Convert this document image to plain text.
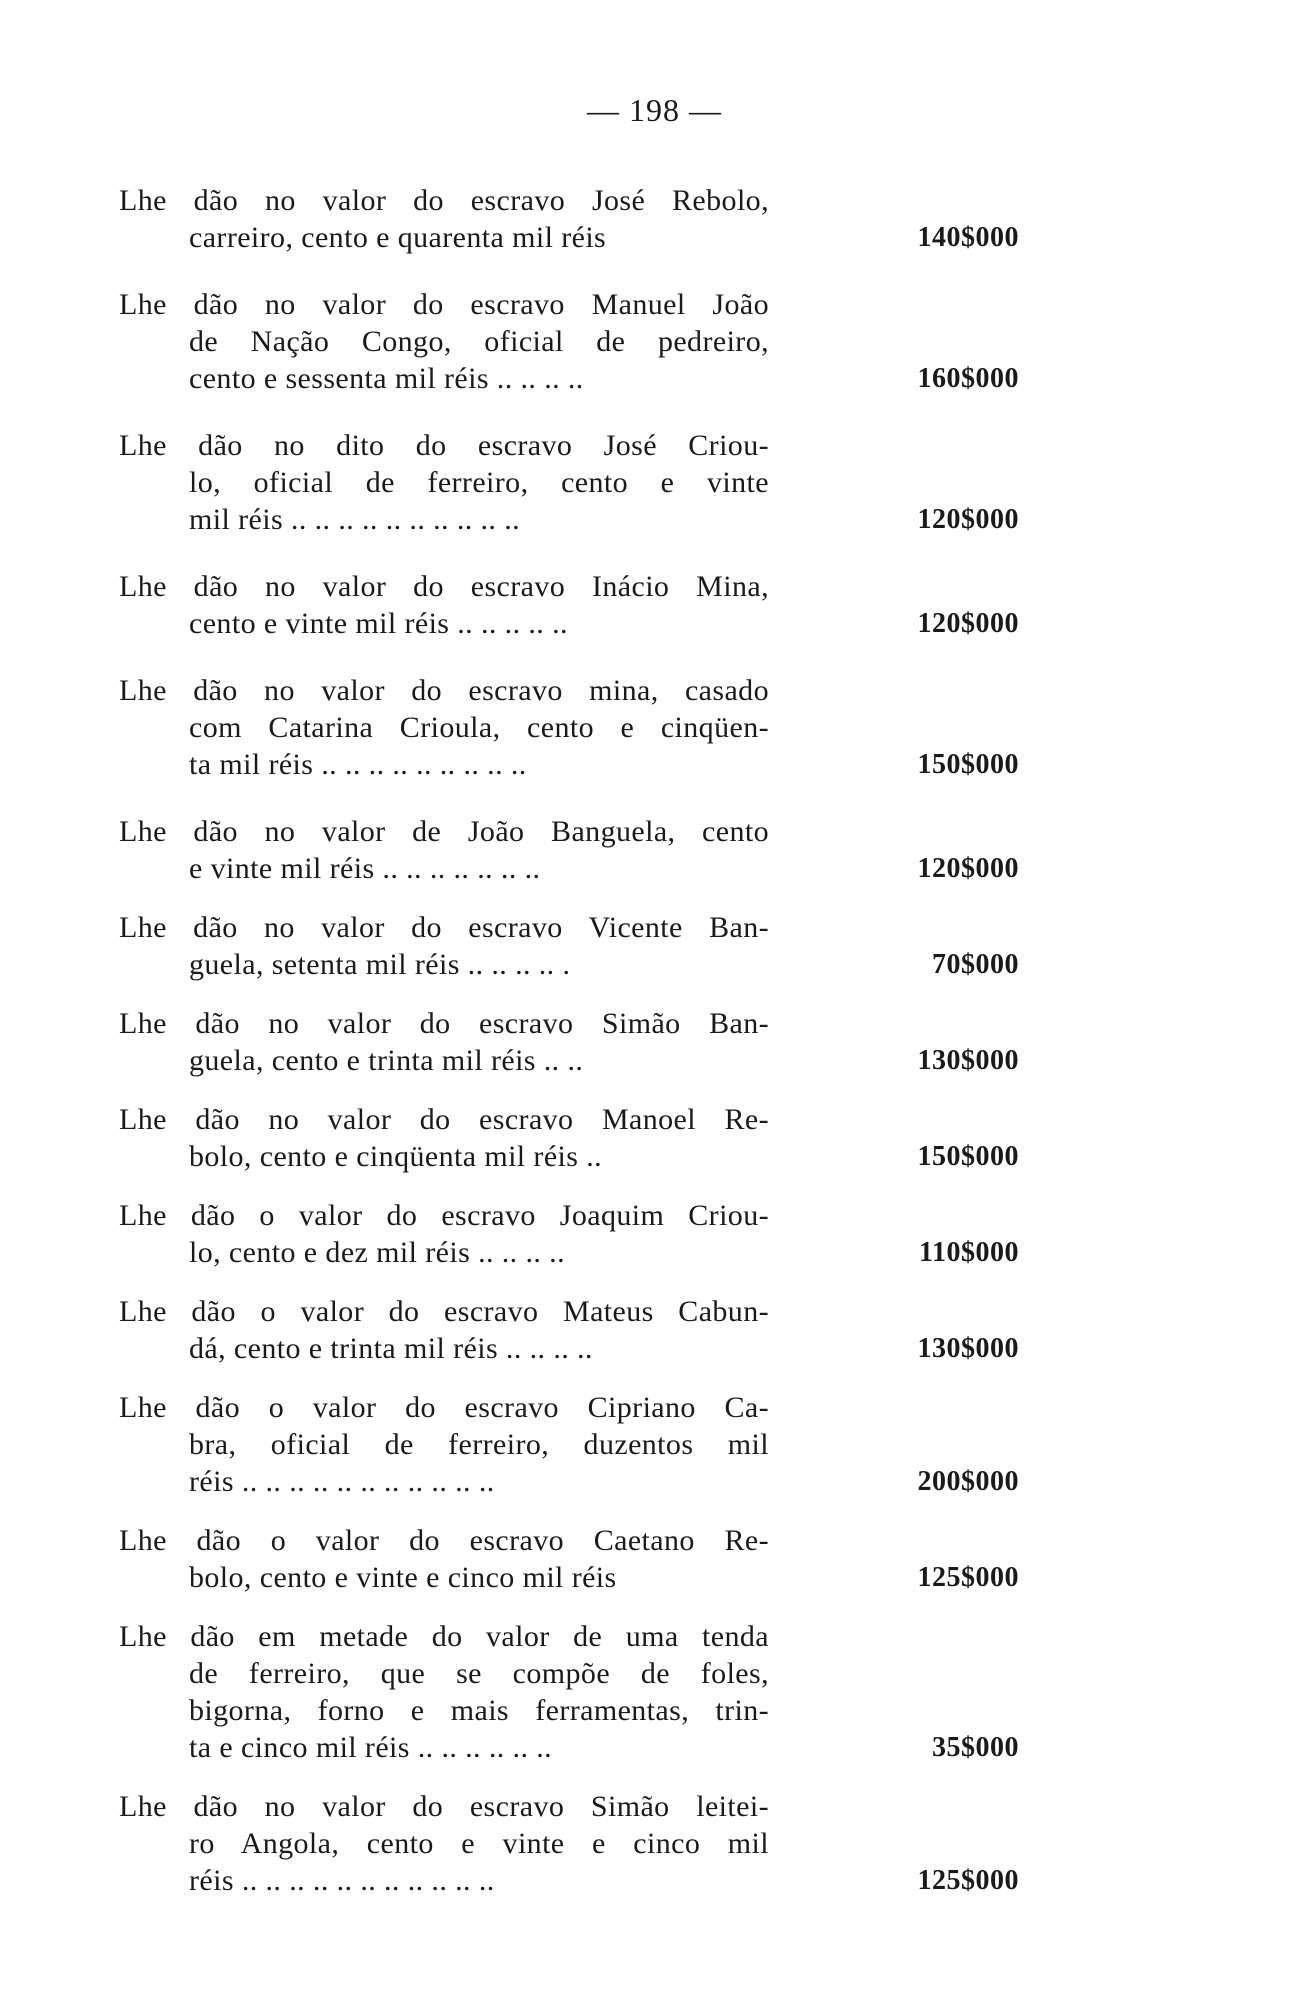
— 198 —
Lhe dão no valor do escravo José Rebolo,
carreiro, cento e quarenta mil réis	140$000
Lhe dão no valor do escravo Manuel João
de Nação Congo, oficial de pedreiro,
cento e sessenta mil réis .. .. .. ..	160$000
Lhe dão no dito do escravo José Criou-
lo, oficial de ferreiro, cento e vinte
mil réis .. .. .. .. .. .. .. .. .. ..	120$000
Lhe dão no valor do escravo Inácio Mina,
cento e vinte mil réis .. .. .. .. ..	120$000
Lhe dão no valor do escravo mina, casado
com Catarina Crioula, cento e cinqüen-
ta mil réis .. .. .. .. .. .. .. .. ..	150$000
Lhe dão no valor de João Banguela, cento
e vinte mil réis .. .. .. .. .. .. ..	120$000
Lhe dão no valor do escravo Vicente Ban-
guela, setenta mil réis .. .. .. .. .	70$000
Lhe dão no valor do escravo Simão Ban-
guela, cento e trinta mil réis .. ..	130$000
Lhe dão no valor do escravo Manoel Re-
bolo, cento e cinqüenta mil réis ..	150$000
Lhe dão o valor do escravo Joaquim Criou-
lo, cento e dez mil réis .. .. .. ..	110$000
Lhe dão o valor do escravo Mateus Cabun-
dá, cento e trinta mil réis .. .. .. ..	130$000
Lhe dão o valor do escravo Cipriano Ca-
bra, oficial de ferreiro, duzentos mil
réis .. .. .. .. .. .. .. .. .. .. ..	200$000
Lhe dão o valor do escravo Caetano Re-
bolo, cento e vinte e cinco mil réis	125$000
Lhe dão em metade do valor de uma tenda
de ferreiro, que se compõe de foles,
bigorna, forno e mais ferramentas, trin-
ta e cinco mil réis .. .. .. .. .. ..	35$000
Lhe dão no valor do escravo Simão leitei-
ro Angola, cento e vinte e cinco mil
réis .. .. .. .. .. .. .. .. .. .. ..	125$000
